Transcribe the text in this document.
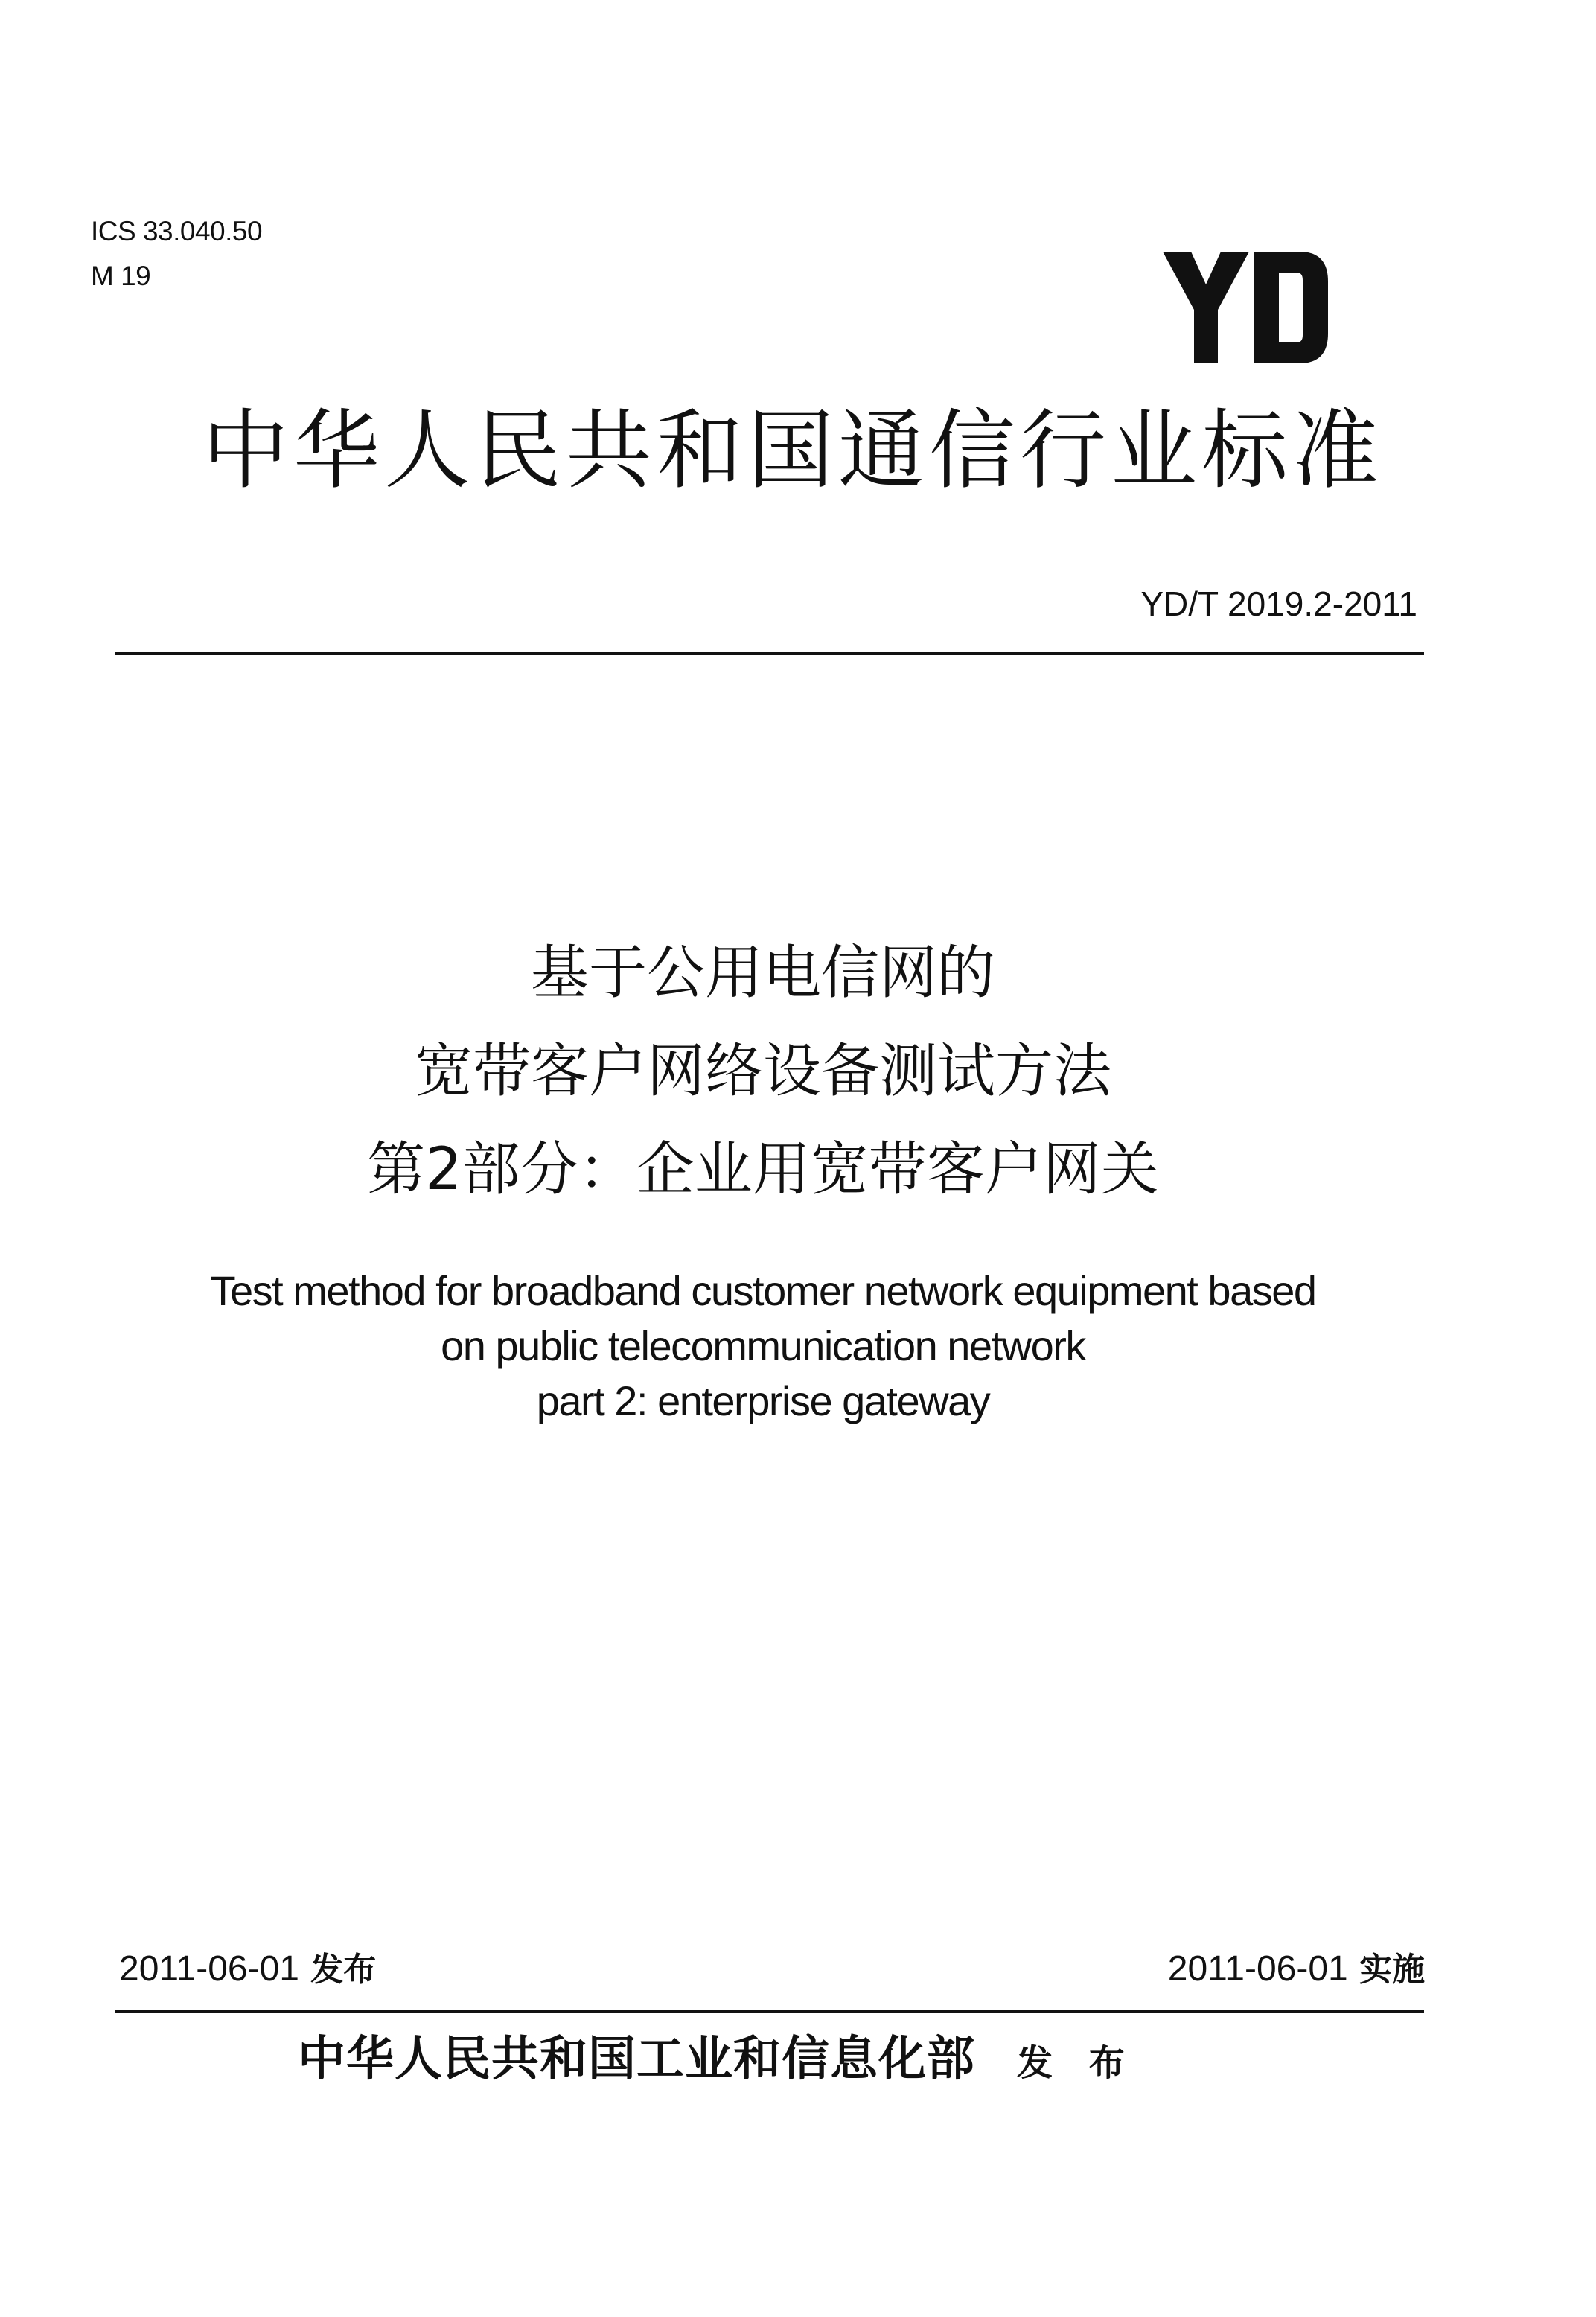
ICS 33.040.50
M 19
中华人民共和国通信行业标准
YD/T 2019.2-2011
基于公用电信网的
宽带客户网络设备测试方法
第2部分：企业用宽带客户网关
Test method for broadband customer network equipment based
on public telecommunication network
part 2: enterprise gateway
2011-06-01 发布	2011-06-01 实施
中华人民共和国工业和信息化部 发 布
